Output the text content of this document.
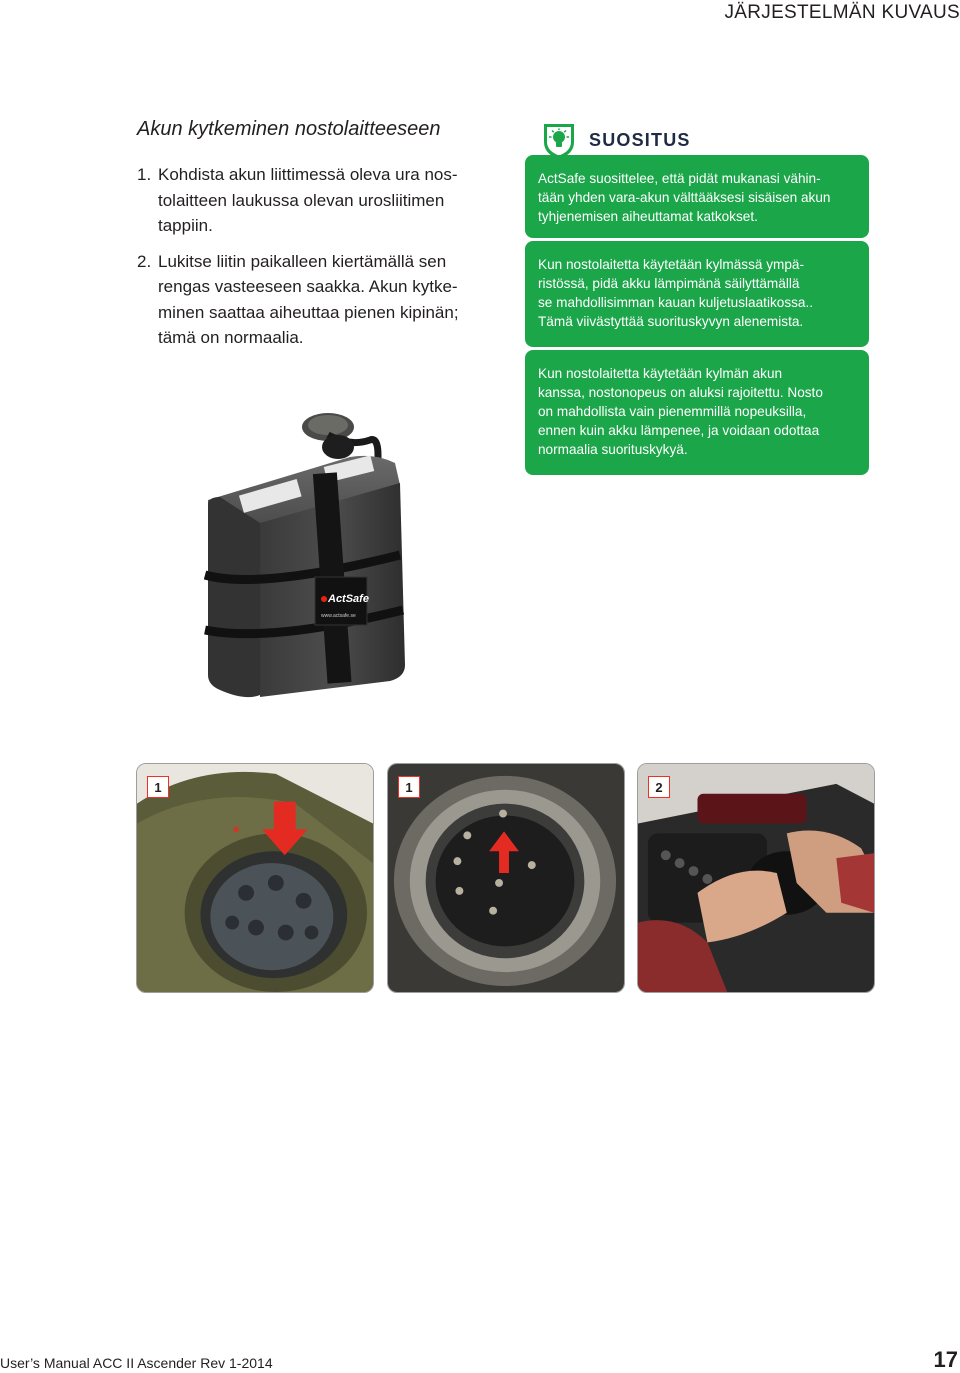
JÄRJESTELMÄN KUVAUS
Akun kytkeminen nostolaitteeseen
1. Kohdista akun liittimessä oleva ura nos-
tolaitteen laukussa olevan urosliitimen
tappiin.
2. Lukitse liitin paikalleen kiertämällä sen
rengas vasteeseen saakka. Akun kytke-
minen saattaa aiheuttaa pienen kipinän;
tämä on normaalia.
SUOSITUS
ActSafe suosittelee, että pidät mukanasi vähin-
tään yhden vara-akun välttääksesi sisäisen akun
tyhjenemisen aiheuttamat katkokset.
Kun nostolaitetta käytetään kylmässä ympä-
ristössä, pidä akku lämpimänä säilyttämällä
se mahdollisimman kauan kuljetuslaatikossa..
Tämä viivästyttää suorituskyvyn alenemista.
Kun nostolaitetta käytetään kylmän akun
kanssa, nostonopeus on aluksi rajoitettu. Nosto
on mahdollista vain pienemmillä nopeuksilla,
ennen kuin akku lämpenee, ja voidaan odottaa
normaalia suorituskykyä.
ActSafe
www.actsafe.se
1	1	2
User’s Manual ACC II Ascender Rev 1-2014	17
